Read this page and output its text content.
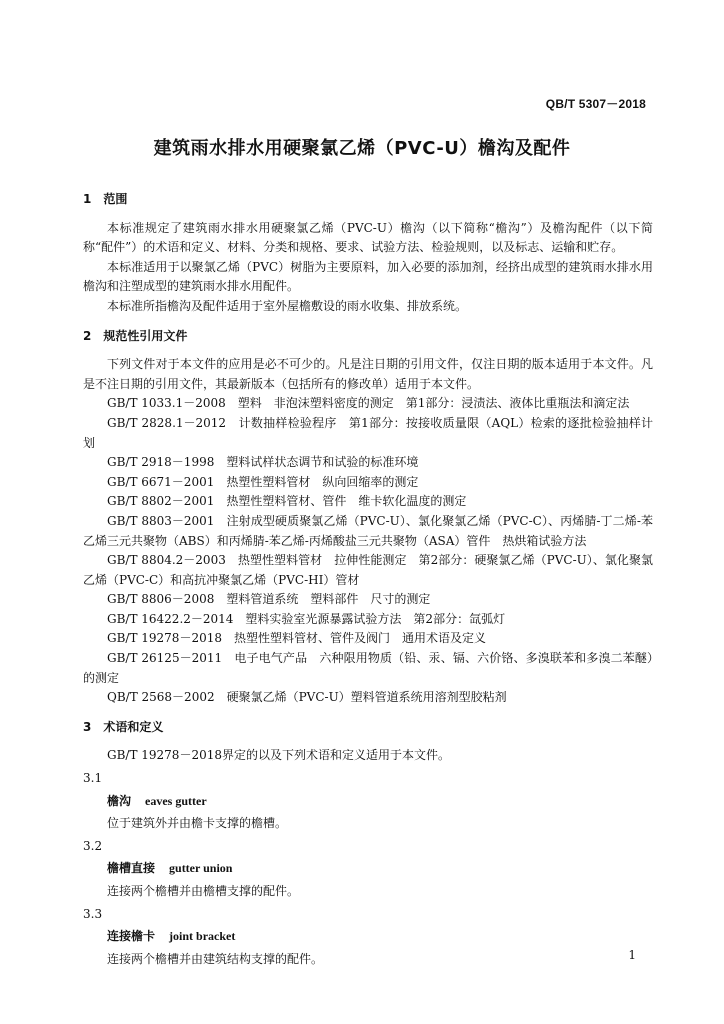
QB/T 5307－2018
建筑雨水排水用硬聚氯乙烯（PVC-U）檐沟及配件

1　范围

本标准规定了建筑雨水排水用硬聚氯乙烯（PVC-U）檐沟（以下简称“檐沟”）及檐沟配件（以下简称“配件”）的术语和定义、材料、分类和规格、要求、试验方法、检验规则，以及标志、运输和贮存。

本标准适用于以聚氯乙烯（PVC）树脂为主要原料，加入必要的添加剂，经挤出成型的建筑雨水排水用檐沟和注塑成型的建筑雨水排水用配件。

本标准所指檐沟及配件适用于室外屋檐敷设的雨水收集、排放系统。

2　规范性引用文件

下列文件对于本文件的应用是必不可少的。凡是注日期的引用文件，仅注日期的版本适用于本文件。凡是不注日期的引用文件，其最新版本（包括所有的修改单）适用于本文件。

GB/T 1033.1－2008　塑料　非泡沫塑料密度的测定　第1部分：浸渍法、液体比重瓶法和滴定法

GB/T 2828.1－2012　计数抽样检验程序　第1部分：按接收质量限（AQL）检索的逐批检验抽样计划

GB/T 2918－1998　塑料试样状态调节和试验的标准环境

GB/T 6671－2001　热塑性塑料管材　纵向回缩率的测定

GB/T 8802－2001　热塑性塑料管材、管件　维卡软化温度的测定

GB/T 8803－2001　注射成型硬质聚氯乙烯（PVC-U）、氯化聚氯乙烯（PVC-C）、丙烯腈-丁二烯-苯乙烯三元共聚物（ABS）和丙烯腈-苯乙烯-丙烯酸盐三元共聚物（ASA）管件　热烘箱试验方法

GB/T 8804.2－2003　热塑性塑料管材　拉伸性能测定　第2部分：硬聚氯乙烯（PVC-U）、氯化聚氯乙烯（PVC-C）和高抗冲聚氯乙烯（PVC-HI）管材

GB/T 8806－2008　塑料管道系统　塑料部件　尺寸的测定

GB/T 16422.2－2014　塑料实验室光源暴露试验方法　第2部分：氙弧灯

GB/T 19278－2018　热塑性塑料管材、管件及阀门　通用术语及定义

GB/T 26125－2011　电子电气产品　六种限用物质（铅、汞、镉、六价铬、多溴联苯和多溴二苯醚）的测定

QB/T 2568－2002　硬聚氯乙烯（PVC-U）塑料管道系统用溶剂型胶粘剂

3　术语和定义

GB/T 19278－2018界定的以及下列术语和定义适用于本文件。

3.1

檐沟 eaves gutter

位于建筑外并由檐卡支撑的檐槽。

3.2

檐槽直接 gutter union

连接两个檐槽并由檐槽支撑的配件。

3.3

连接檐卡 joint bracket

连接两个檐槽并由建筑结构支撑的配件。	1
